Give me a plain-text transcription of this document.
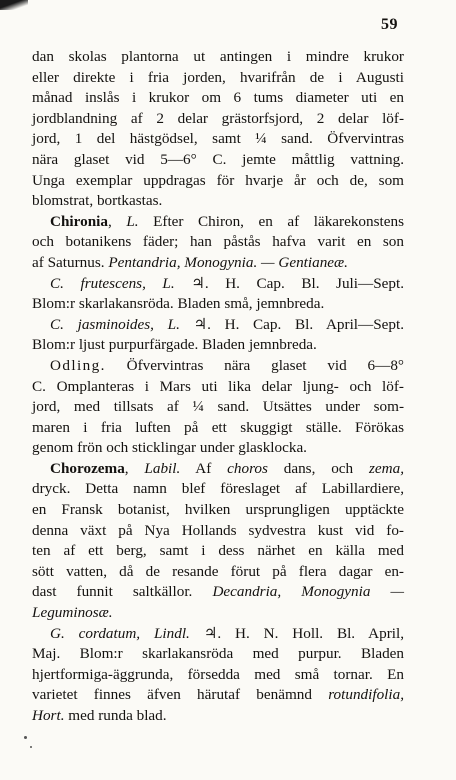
59
dan skolas plantorna ut antingen i mindre krukor
eller direkte i fria jorden, hvarifrån de i Augusti
månad inslås i krukor om 6 tums diameter uti en
jordblandning af 2 delar grästorfsjord, 2 delar löf-
jord, 1 del hästgödsel, samt ¼ sand. Öfvervintras
nära glaset vid 5—6° C. jemte måttlig vattning.
Unga exemplar uppdragas för hvarje år och de, som
blomstrat, bortkastas.
Chironia, L. Efter Chiron, en af läkarekonstens
och botanikens fäder; han påstås hafva varit en son
af Saturnus. Pentandria, Monogynia. — Gentianeæ.
C. frutescens, L. ♃. H. Cap. Bl. Juli—Sept.
Blom:r skarlakansröda. Bladen små, jemnbreda.
C. jasminoides, L. ♃. H. Cap. Bl. April—Sept.
Blom:r ljust purpurfärgade. Bladen jemnbreda.
Odling. Öfvervintras nära glaset vid 6—8°
C. Omplanteras i Mars uti lika delar ljung- och löf-
jord, med tillsats af ¼ sand. Utsättes under som-
maren i fria luften på ett skuggigt ställe. Förökas
genom frön och sticklingar under glasklocka.
Chorozema, Labil. Af choros dans, och zema,
dryck. Detta namn blef föreslaget af Labillardiere,
en Fransk botanist, hvilken ursprungligen upptäckte
denna växt på Nya Hollands sydvestra kust vid fo-
ten af ett berg, samt i dess närhet en källa med
sött vatten, då de resande förut på flera dagar en-
dast funnit saltkällor. Decandria, Monogynia —
Leguminosæ.
G. cordatum, Lindl. ♃. H. N. Holl. Bl. April,
Maj. Blom:r skarlakansröda med purpur. Bladen
hjertformiga-äggrunda, försedda med små tornar. En
varietet finnes äfven härutaf benämnd rotundifolia,
Hort. med runda blad.
